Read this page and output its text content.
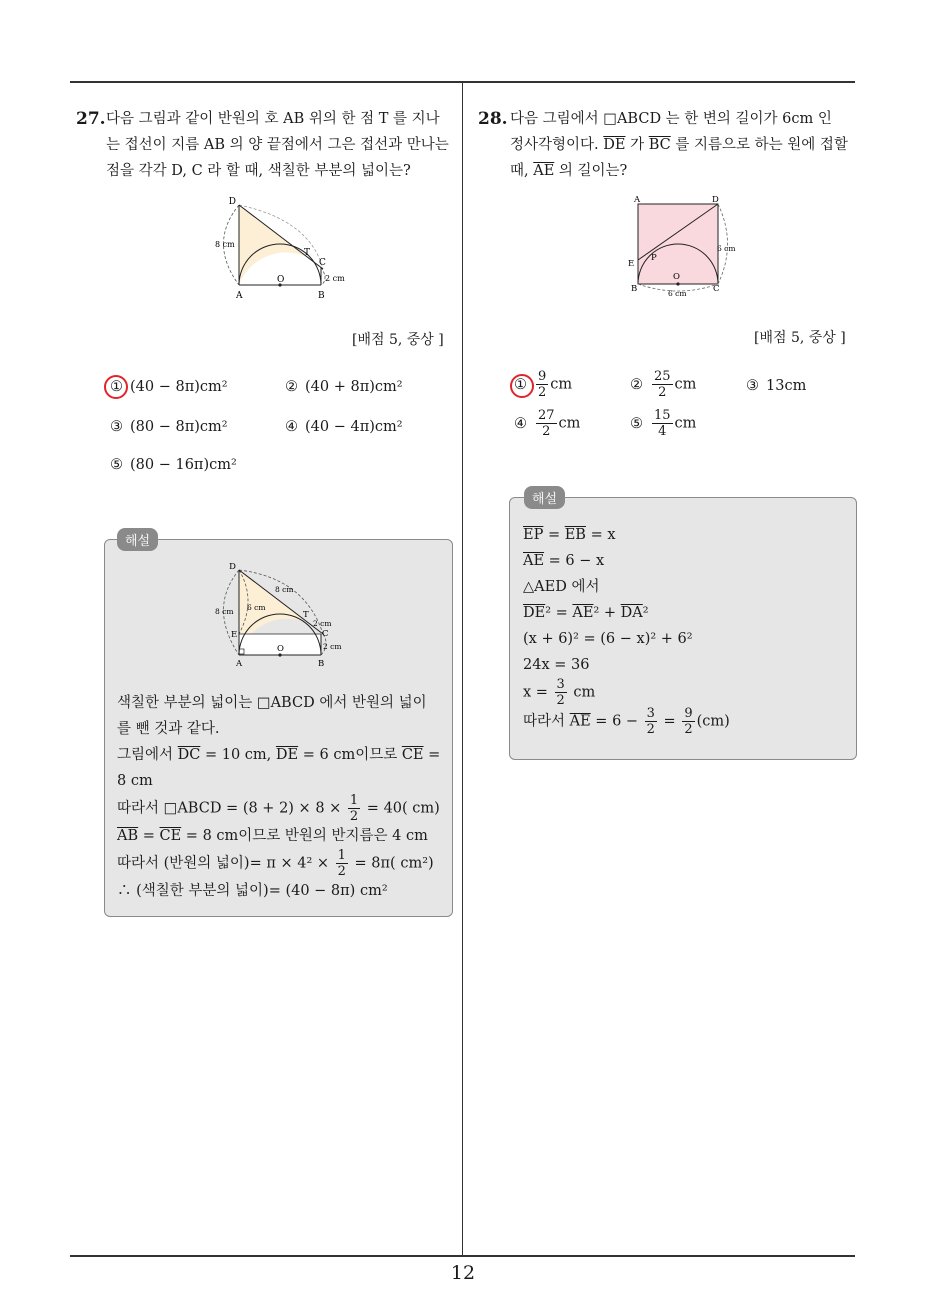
27. 다음 그림과 같이 반원의 호 AB 위의 한 점 T 를 지나
는 접선이 지름 AB 의 양 끝점에서 그은 접선과 만나는
점을 각각 D, C 라 할 때, 색칠한 부분의 넓이는?
D
A	B
C
T
O
8 cm
2 cm
[배점 5, 중상 ]
① (40 − 8π)cm²	② (40 + 8π)cm²
③ (80 − 8π)cm²	④ (40 − 4π)cm²
⑤ (80 − 16π)cm²
해설
D
E
A	B
C
T
O
8 cm
8 cm
6 cm
2 cm
2 cm
색칠한 부분의 넓이는 □ABCD 에서 반원의 넓이
를 뺀 것과 같다.
그림에서 $\overline{DC} = 10$ cm, $\overline{DE} = 6$ cm이므로 $\overline{CE}$ =
8 cm
따라서 □ABCD = $(8 + 2) \times 8 \times \frac{1}{2} = 40$( cm)
$\overline{AB} = \overline{CE} = 8$ cm이므로 반원의 반지름은 4 cm
따라서 (반원의 넓이)= $\pi \times 4^2 \times \frac{1}{2} = 8\pi$( cm²)
∴ (색칠한 부분의 넓이)= (40 − 8π) cm²
28. 다음 그림에서 □ABCD 는 한 변의 길이가 6cm 인
정사각형이다. $\overline{DE}$ 가 $\overline{BC}$ 를 지름으로 하는 원에 접할
때, $\overline{AE}$ 의 길이는?
A	D
E
P
O
B	C
6 cm
6 cm
[배점 5, 중상 ]
① $\frac{9}{2}$ cm	② $\frac{25}{2}$ cm	③ 13cm
④ $\frac{27}{2}$ cm	⑤ $\frac{15}{4}$ cm
해설
$\overline{EP} = \overline{EB} = x$
$\overline{AE} = 6 - x$
△AED 에서
$\overline{DE}^2 = \overline{AE}^2 + \overline{DA}^2$
(x + 6)² = (6 − x)² + 6²
24x = 36
$x = \frac{3}{2}$ cm
따라서 $\overline{AE} = 6 - \frac{3}{2} = \frac{9}{2} (cm)$
12
